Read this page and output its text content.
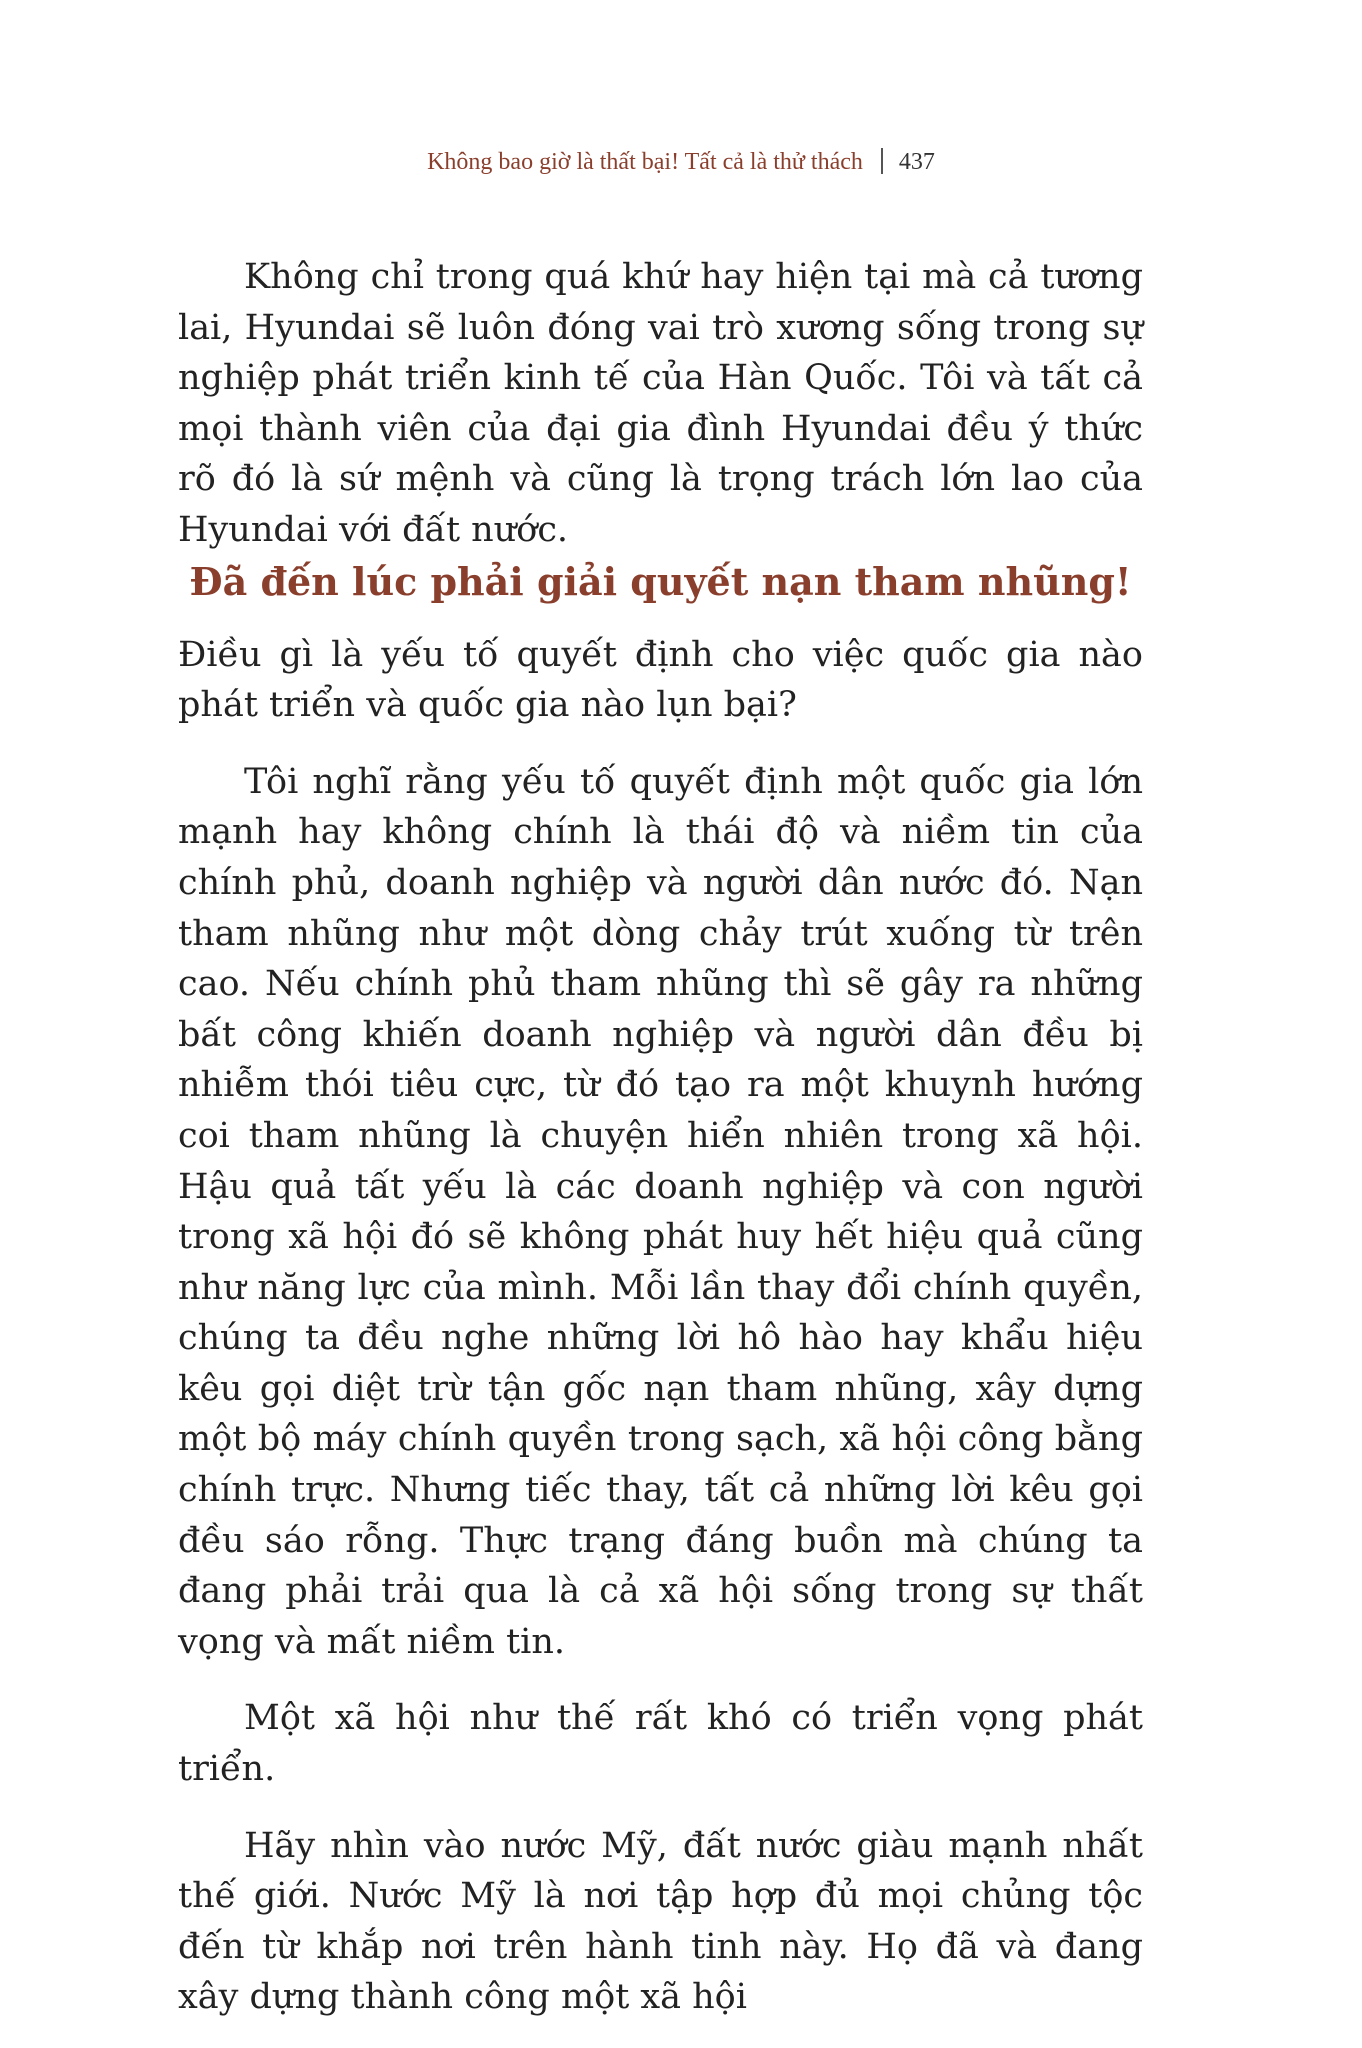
Không bao giờ là thất bại! Tất cả là thử thách 437

Không chỉ trong quá khứ hay hiện tại mà cả tương lai, Hyundai sẽ luôn đóng vai trò xương sống trong sự nghiệp phát triển kinh tế của Hàn Quốc. Tôi và tất cả mọi thành viên của đại gia đình Hyundai đều ý thức rõ đó là sứ mệnh và cũng là trọng trách lớn lao của Hyundai với đất nước.

Đã đến lúc phải giải quyết nạn tham nhũng!

Điều gì là yếu tố quyết định cho việc quốc gia nào phát triển và quốc gia nào lụn bại?

Tôi nghĩ rằng yếu tố quyết định một quốc gia lớn mạnh hay không chính là thái độ và niềm tin của chính phủ, doanh nghiệp và người dân nước đó. Nạn tham nhũng như một dòng chảy trút xuống từ trên cao. Nếu chính phủ tham nhũng thì sẽ gây ra những bất công khiến doanh nghiệp và người dân đều bị nhiễm thói tiêu cực, từ đó tạo ra một khuynh hướng coi tham nhũng là chuyện hiển nhiên trong xã hội. Hậu quả tất yếu là các doanh nghiệp và con người trong xã hội đó sẽ không phát huy hết hiệu quả cũng như năng lực của mình. Mỗi lần thay đổi chính quyền, chúng ta đều nghe những lời hô hào hay khẩu hiệu kêu gọi diệt trừ tận gốc nạn tham nhũng, xây dựng một bộ máy chính quyền trong sạch, xã hội công bằng chính trực. Nhưng tiếc thay, tất cả những lời kêu gọi đều sáo rỗng. Thực trạng đáng buồn mà chúng ta đang phải trải qua là cả xã hội sống trong sự thất vọng và mất niềm tin.

Một xã hội như thế rất khó có triển vọng phát triển.

Hãy nhìn vào nước Mỹ, đất nước giàu mạnh nhất thế giới. Nước Mỹ là nơi tập hợp đủ mọi chủng tộc đến từ khắp nơi trên hành tinh này. Họ đã và đang xây dựng thành công một xã hội
